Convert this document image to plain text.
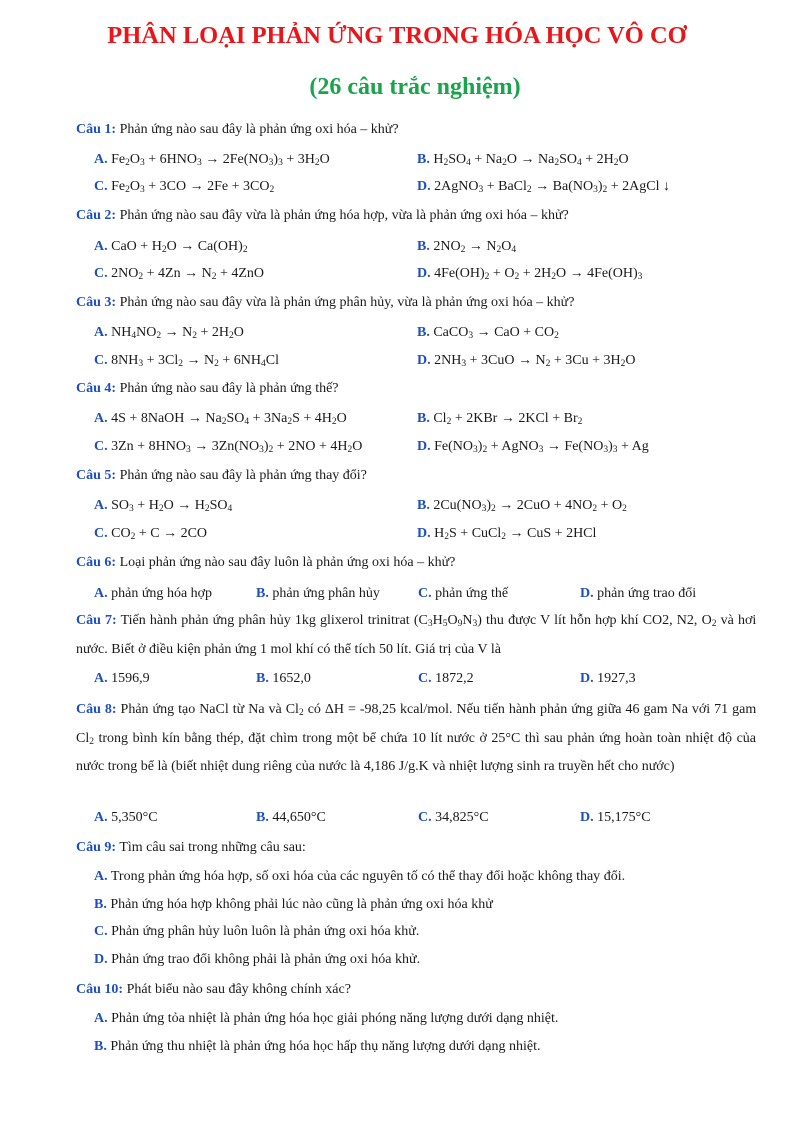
PHÂN LOẠI PHẢN ỨNG TRONG HÓA HỌC VÔ CƠ
(26 câu trắc nghiệm)
Câu 1: Phản ứng nào sau đây là phản ứng oxi hóa – khử?
A. $Fe_2O_3 + 6HNO_3 \to 2Fe(NO_3)_3 + 3H_2O$	B. $H_2SO_4 + Na_2O \to Na_2SO_4 + 2H_2O$
C. $Fe_2O_3 + 3CO \to 2Fe + 3CO_2$	D. 2AgNO$_3$ + BaCl$_2$ → $Ba(NO_3)_2$ + 2AgCl ↓
Câu 2: Phản ứng nào sau đây vừa là phản ứng hóa hợp, vừa là phản ứng oxi hóa – khử?
A. CaO + $H_2O \to Ca(OH)_2$	B. $2NO_2 \to N_2O_4$
C. $2NO_2 + 4Zn \to N_2 + 4ZnO$	D. $4Fe(OH)_2 + O_2 + 2H_2O \to 4Fe(OH)_3$
Câu 3: Phản ứng nào sau đây vừa là phản ứng phân hủy, vừa là phản ứng oxi hóa – khử?
A. $NH_4NO_2 \to N_2 + 2H_2O$	B. CaCO$_3$ → CaO + $CO_2$
C. $8NH_3 + 3Cl_2 \to N_2 + 6NH_4Cl$	D. $2NH_3 + 3CuO \to N_2 + 3Cu + 3H_2O$
Câu 4: Phản ứng nào sau đây là phản ứng thế?
A. 4S + 8NaOH → $Na_2SO_4 + 3Na_2S + 4H_2O$	B. $Cl_2 + 2KBr \to 2KCl + Br_2$
C. $3Zn + 8HNO_3 \to 3Zn(NO_3)_2 + 2NO + 4H_2O$	D. $Fe(NO_3)_2$ + AgNO$_3$ → $Fe(NO_3)_3 + Ag$
Câu 5: Phản ứng nào sau đây là phản ứng thay đổi?
A. $SO_3 + H_2O \to H_2SO_4$	B. $2Cu(NO_3)_2 \to 2CuO + 4NO_2 + O_2$
C. $CO_2 + C \to 2CO$	D. $H_2S$ + CuCl$_2$ → CuS + 2HCl
Câu 6: Loại phản ứng nào sau đây luôn là phản ứng oxi hóa – khử?
A. phản ứng hóa hợp	B. phản ứng phân hủy	C. phản ứng thế	D. phản ứng trao đổi
Câu 7: Tiến hành phản ứng phân hủy 1kg glixerol trinitrat $(C_3H_5O_9N_3)$ thu được V lít hỗn hợp khí CO2, N2, $O_2$ và hơi nước. Biết ở điều kiện phản ứng 1 mol khí có thể tích 50 lít. Giá trị của V là
A. 1596,9	B. 1652,0	C. 1872,2	D. 1927,3
Câu 8: Phản ứng tạo NaCl từ Na và $Cl_2$ có ΔH = -98,25 kcal/mol. Nếu tiến hành phản ứng giữa 46 gam Na với 71 gam $Cl_2$ trong bình kín bằng thép, đặt chìm trong một bể chứa 10 lít nước ở 25°C thì sau phản ứng hoàn toàn nhiệt độ của nước trong bể là (biết nhiệt dung riêng của nước là 4,186 J/g.K và nhiệt lượng sinh ra truyền hết cho nước)
A. 5,350°C	B. 44,650°C	C. 34,825°C	D. 15,175°C
Câu 9: Tìm câu sai trong những câu sau:
A. Trong phản ứng hóa hợp, số oxi hóa của các nguyên tố có thể thay đổi hoặc không thay đổi.
B. Phản ứng hóa hợp không phải lúc nào cũng là phản ứng oxi hóa khử
C. Phản ứng phân hủy luôn luôn là phản ứng oxi hóa khử.
D. Phản ứng trao đổi không phải là phản ứng oxi hóa khử.
Câu 10: Phát biểu nào sau đây không chính xác?
A. Phản ứng tỏa nhiệt là phản ứng hóa học giải phóng năng lượng dưới dạng nhiệt.
B. Phản ứng thu nhiệt là phản ứng hóa học hấp thụ năng lượng dưới dạng nhiệt.
